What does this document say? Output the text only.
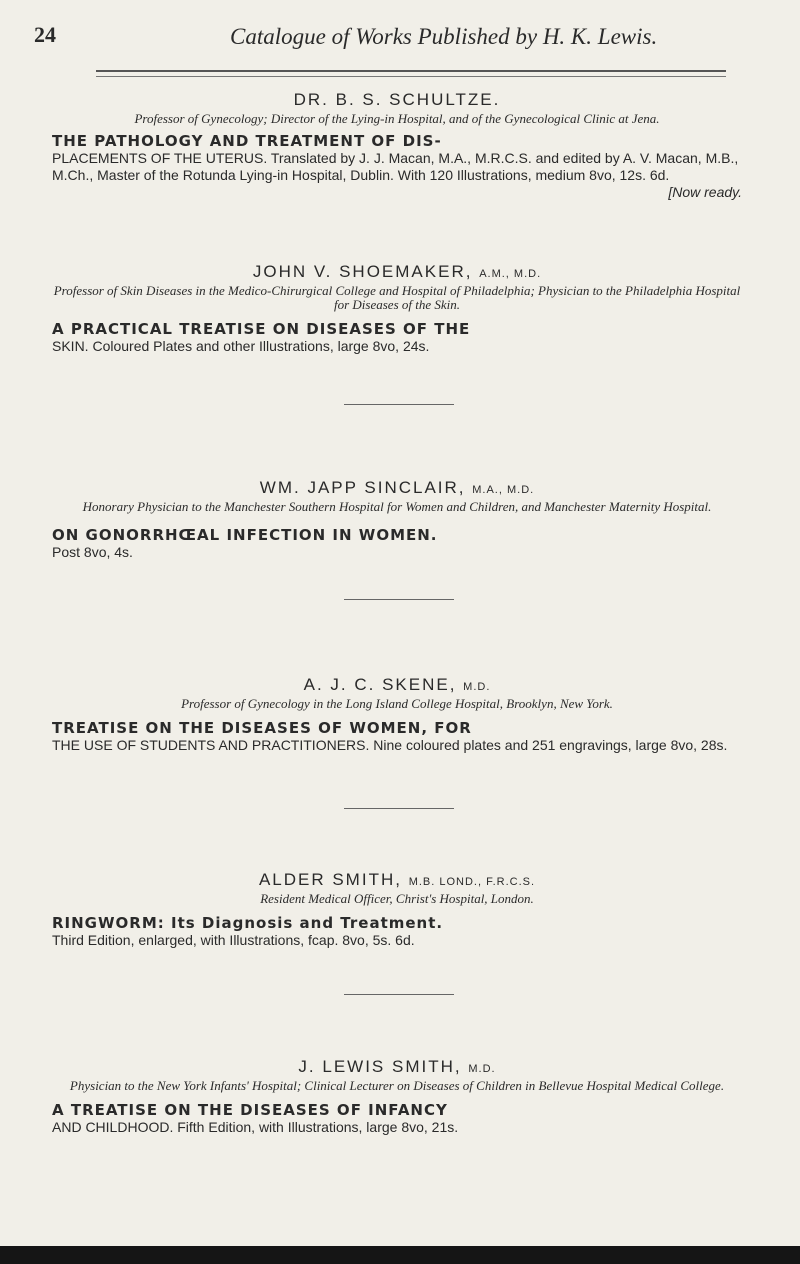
24	Catalogue of Works Published by H. K. Lewis.

DR. B. S. SCHULTZE.

Professor of Gynecology; Director of the Lying-in Hospital, and of the Gynecological Clinic at Jena.

THE PATHOLOGY AND TREATMENT OF DIS-

PLACEMENTS OF THE UTERUS. Translated by J. J. Macan, M.A., M.R.C.S. and edited by A. V. Macan, M.B., M.Ch., Master of the Rotunda Lying-in Hospital, Dublin. With 120 Illustrations, medium 8vo, 12s. 6d.
[Now ready.

JOHN V. SHOEMAKER, A.M., M.D.

Professor of Skin Diseases in the Medico-Chirurgical College and Hospital of Philadelphia; Physician to the Philadelphia Hospital for Diseases of the Skin.

A PRACTICAL TREATISE ON DISEASES OF THE

SKIN. Coloured Plates and other Illustrations, large 8vo, 24s.

WM. JAPP SINCLAIR, M.A., M.D.

Honorary Physician to the Manchester Southern Hospital for Women and Children, and Manchester Maternity Hospital.

ON GONORRHŒAL INFECTION IN WOMEN.

Post 8vo, 4s.

A. J. C. SKENE, M.D.

Professor of Gynecology in the Long Island College Hospital, Brooklyn, New York.

TREATISE ON THE DISEASES OF WOMEN, FOR

THE USE OF STUDENTS AND PRACTITIONERS. Nine coloured plates and 251 engravings, large 8vo, 28s.

ALDER SMITH, M.B. LOND., F.R.C.S.

Resident Medical Officer, Christ's Hospital, London.

RINGWORM: Its Diagnosis and Treatment.

Third Edition, enlarged, with Illustrations, fcap. 8vo, 5s. 6d.

J. LEWIS SMITH, M.D.

Physician to the New York Infants' Hospital; Clinical Lecturer on Diseases of Children in Bellevue Hospital Medical College.

A TREATISE ON THE DISEASES OF INFANCY

AND CHILDHOOD. Fifth Edition, with Illustrations, large 8vo, 21s.
